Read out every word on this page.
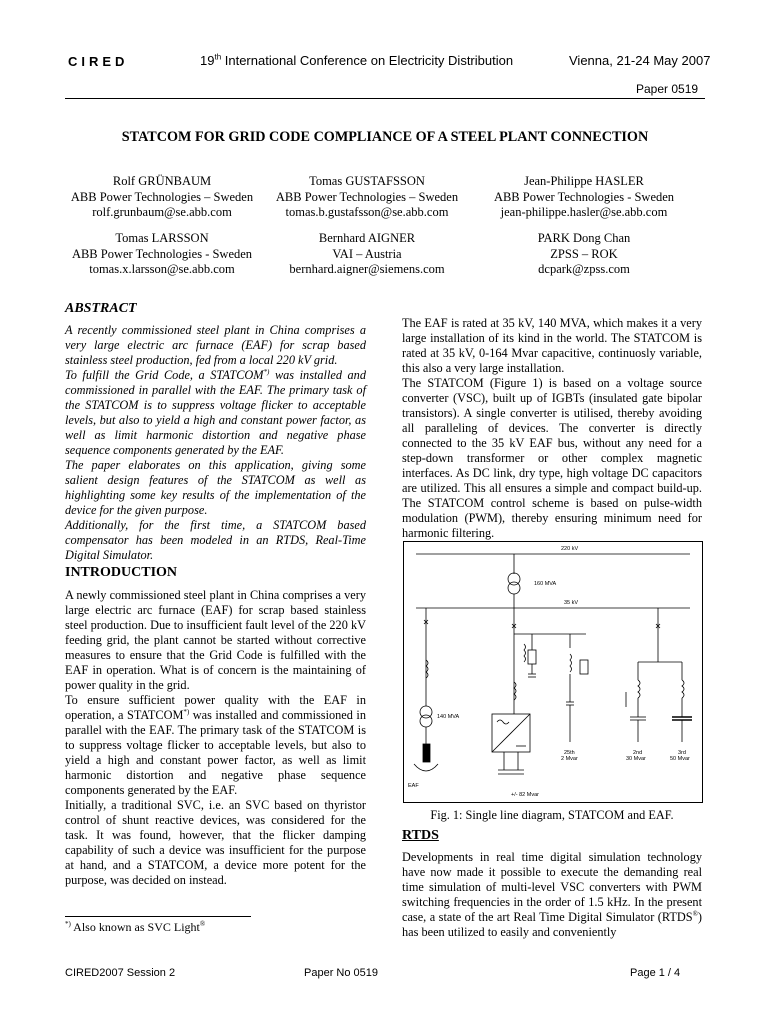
CIRED	19th International Conference on Electricity Distribution	Vienna, 21-24 May 2007
Paper 0519
STATCOM FOR GRID CODE COMPLIANCE OF A STEEL PLANT CONNECTION
Rolf GRÜNBAUM
ABB Power Technologies – Sweden
rolf.grunbaum@se.abb.com
Tomas GUSTAFSSON
ABB Power Technologies – Sweden
tomas.b.gustafsson@se.abb.com
Jean-Philippe HASLER
ABB Power Technologies - Sweden
jean-philippe.hasler@se.abb.com
Tomas LARSSON
ABB Power Technologies - Sweden
tomas.x.larsson@se.abb.com
Bernhard AIGNER
VAI – Austria
bernhard.aigner@siemens.com
PARK Dong Chan
ZPSS – ROK
dcpark@zpss.com
ABSTRACT

A recently commissioned steel plant in China comprises a very large electric arc furnace (EAF) for scrap based stainless steel production, fed from a local 220 kV grid.

To fulfill the Grid Code, a STATCOM*) was installed and commissioned in parallel with the EAF. The primary task of the STATCOM is to suppress voltage flicker to acceptable levels, but also to yield a high and constant power factor, as well as limit harmonic distortion and negative phase sequence components generated by the EAF.

The paper elaborates on this application, giving some salient design features of the STATCOM as well as highlighting some key results of the implementation of the device for the given purpose.

Additionally, for the first time, a STATCOM based compensator has been modeled in an RTDS, Real-Time Digital Simulator.

INTRODUCTION

A newly commissioned steel plant in China comprises a very large electric arc furnace (EAF) for scrap based stainless steel production. Due to insufficient fault level of the 220 kV feeding grid, the plant cannot be started without corrective measures to ensure that the Grid Code is fulfilled with the EAF in operation. What is of concern is the maintaining of power quality in the grid.

To ensure sufficient power quality with the EAF in operation, a STATCOM*) was installed and commissioned in parallel with the EAF. The primary task of the STATCOM is to suppress voltage flicker to acceptable levels, but also to yield a high and constant power factor, as well as limit harmonic distortion and negative phase sequence components generated by the EAF.

Initially, a traditional SVC, i.e. an SVC based on thyristor control of shunt reactive devices, was considered for the task. It was found, however, that the flicker damping capability of such a device was insufficient for the purpose at hand, and a STATCOM, a device more potent for the purpose, was decided on instead.

The EAF is rated at 35 kV, 140 MVA, which makes it a very large installation of its kind in the world. The STATCOM is rated at 35 kV, 0-164 Mvar capacitive, continuosly variable, this also a very large installation.

The STATCOM (Figure 1) is based on a voltage source converter (VSC), built up of IGBTs (insulated gate bipolar transistors). A single converter is utilised, thereby avoiding all paralleling of devices. The converter is directly connected to the 35 kV EAF bus, without any need for a step-down transformer or other complex magnetic interfaces. As DC link, dry type, high voltage DC capacitors are utilized. This all ensures a simple and compact build-up. The STATCOM control scheme is based on pulse-width modulation (PWM), thereby ensuring minimum need for harmonic filtering.

220 kV
160 MVA
35 kV
140 MVA
EAF
+/- 82 Mvar
25th
2 Mvar
2nd
30 Mvar
3rd
50 Mvar
Fig. 1: Single line diagram, STATCOM and EAF.
RTDS

Developments in real time digital simulation technology have now made it possible to execute the demanding real time simulation of multi-level VSC converters with PWM switching frequencies in the order of 1.5 kHz. In the present case, a state of the art Real Time Digital Simulator (RTDS®) has been utilized to easily and conveniently

*) Also known as SVC Light®
CIRED2007 Session 2	Paper No 0519	Page 1 / 4
